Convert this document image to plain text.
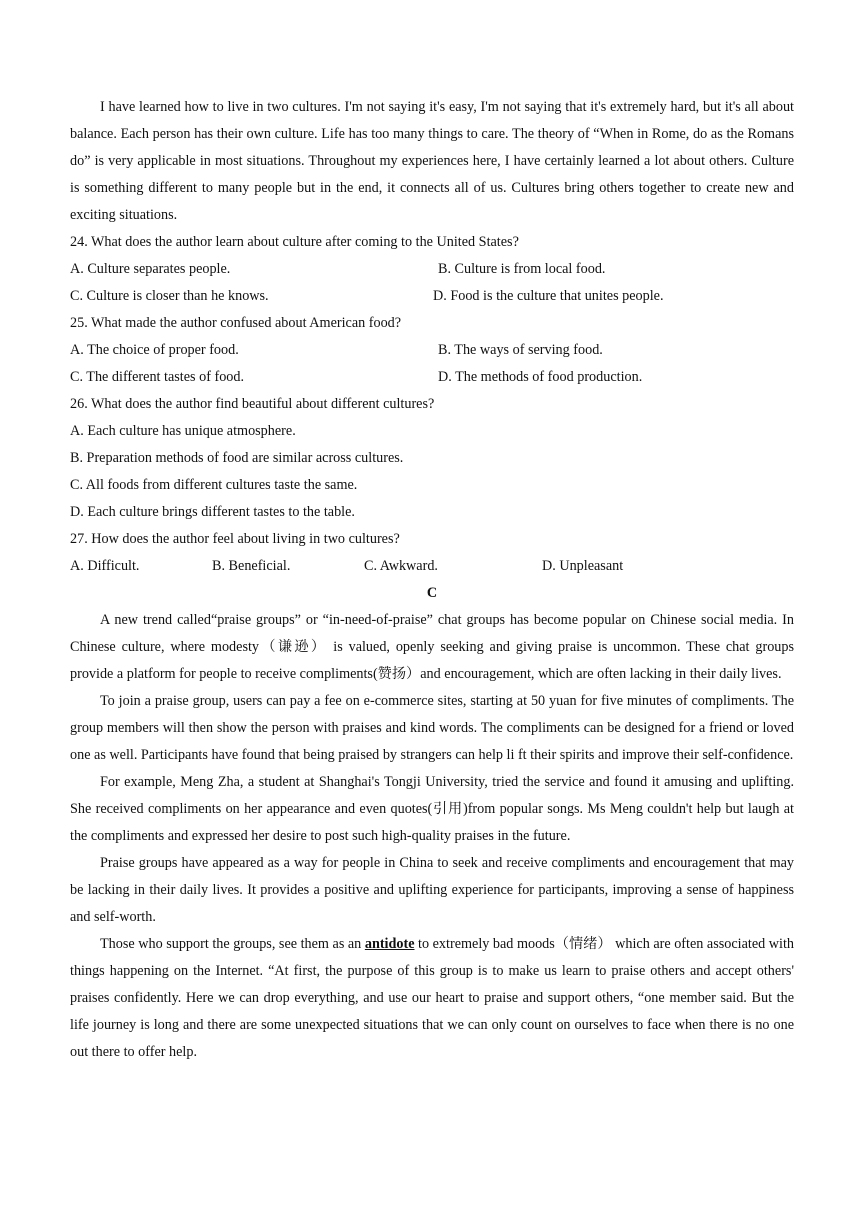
I have learned how to live in two cultures. I'm not saying it's easy, I'm not saying that it's extremely hard, but it's all about balance. Each person has their own culture. Life has too many things to care. The theory of “When in Rome, do as the Romans do” is very applicable in most situations. Throughout my experiences here, I have certainly learned a lot about others. Culture is something different to many people but in the end, it connects all of us. Cultures bring others together to create new and exciting situations.

24. What does the author learn about culture after coming to the United States?
A. Culture separates people.	B. Culture is from local food.
C. Culture is closer than he knows.	D. Food is the culture that unites people.
25. What made the author confused about American food?
A. The choice of proper food.	B. The ways of serving food.
C. The different tastes of food.	D. The methods of food production.
26. What does the author find beautiful about different cultures?
A. Each culture has unique atmosphere.
B. Preparation methods of food are similar across cultures.
C. All foods from different cultures taste the same.
D. Each culture brings different tastes to the table.
27. How does the author feel about living in two cultures?
A. Difficult.	B. Beneficial.	C. Awkward.	D. Unpleasant
C

A new trend called“praise groups” or “in-need-of-praise” chat groups has become popular on Chinese social media. In Chinese culture, where modesty（谦逊） is valued, openly seeking and giving praise is uncommon. These chat groups provide a platform for people to receive compliments(赞扬）and encouragement, which are often lacking in their daily lives.

To join a praise group, users can pay a fee on e-commerce sites, starting at 50 yuan for five minutes of compliments. The group members will then show the person with praises and kind words. The compliments can be designed for a friend or loved one as well. Participants have found that being praised by strangers can help li ft their spirits and improve their self-confidence.

For example, Meng Zha, a student at Shanghai's Tongji University, tried the service and found it amusing and uplifting. She received compliments on her appearance and even quotes(引用)from popular songs. Ms Meng couldn't help but laugh at the compliments and expressed her desire to post such high-quality praises in the future.

Praise groups have appeared as a way for people in China to seek and receive compliments and encouragement that may be lacking in their daily lives. It provides a positive and uplifting experience for participants, improving a sense of happiness and self-worth.

Those who support the groups, see them as an antidote to extremely bad moods（情绪） which are often associated with things happening on the Internet. “At first, the purpose of this group is to make us learn to praise others and accept others' praises confidently. Here we can drop everything, and use our heart to praise and support others, “one member said. But the life journey is long and there are some unexpected situations that we can only count on ourselves to face when there is no one out there to offer help.
